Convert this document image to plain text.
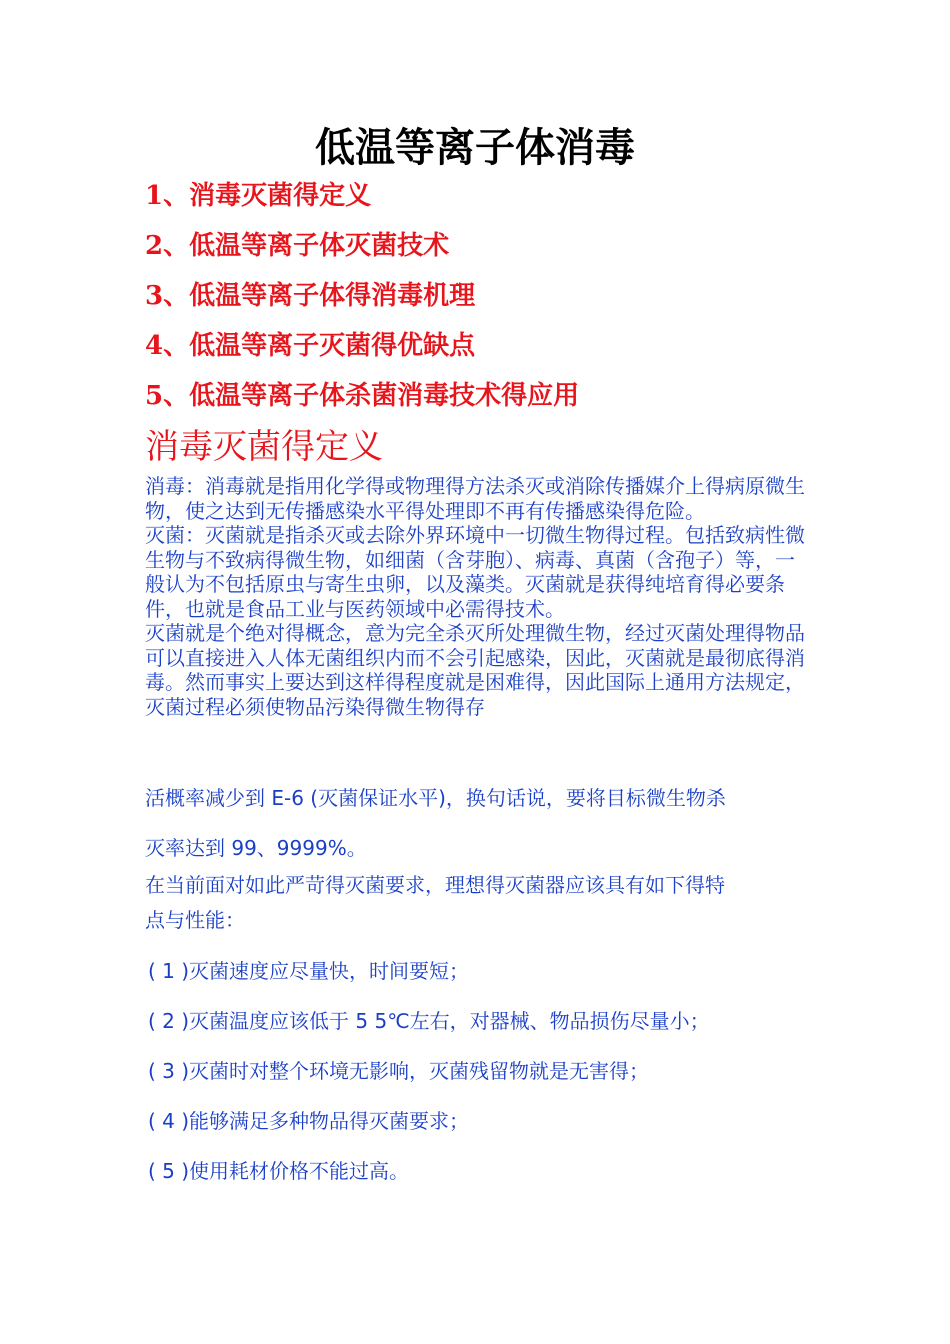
低温等离子体消毒
1、消毒灭菌得定义
2、低温等离子体灭菌技术
3、低温等离子体得消毒机理
4、低温等离子灭菌得优缺点
5、低温等离子体杀菌消毒技术得应用
消毒灭菌得定义

消毒：消毒就是指用化学得或物理得方法杀灭或消除传播媒介上得病原微生物，使之达到无传播感染水平得处理即不再有传播感染得危险。

灭菌：灭菌就是指杀灭或去除外界环境中一切微生物得过程。包括致病性微生物与不致病得微生物，如细菌（含芽胞）、病毒、真菌（含孢子）等，一般认为不包括原虫与寄生虫卵，以及藻类。灭菌就是获得纯培育得必要条件，也就是食品工业与医药领域中必需得技术。

灭菌就是个绝对得概念，意为完全杀灭所处理微生物，经过灭菌处理得物品可以直接进入人体无菌组织内而不会引起感染，因此，灭菌就是最彻底得消毒。然而事实上要达到这样得程度就是困难得，因此国际上通用方法规定，灭菌过程必须使物品污染得微生物得存

活概率减少到 E-6 (灭菌保证水平)，换句话说，要将目标微生物杀
灭率达到 99、9999%。
在当前面对如此严苛得灭菌要求，理想得灭菌器应该具有如下得特
点与性能：
( 1 )灭菌速度应尽量快，时间要短；
( 2 )灭菌温度应该低于 5 5℃左右，对器械、物品损伤尽量小；
( 3 )灭菌时对整个环境无影响，灭菌残留物就是无害得；
( 4 )能够满足多种物品得灭菌要求；
( 5 )使用耗材价格不能过高。
